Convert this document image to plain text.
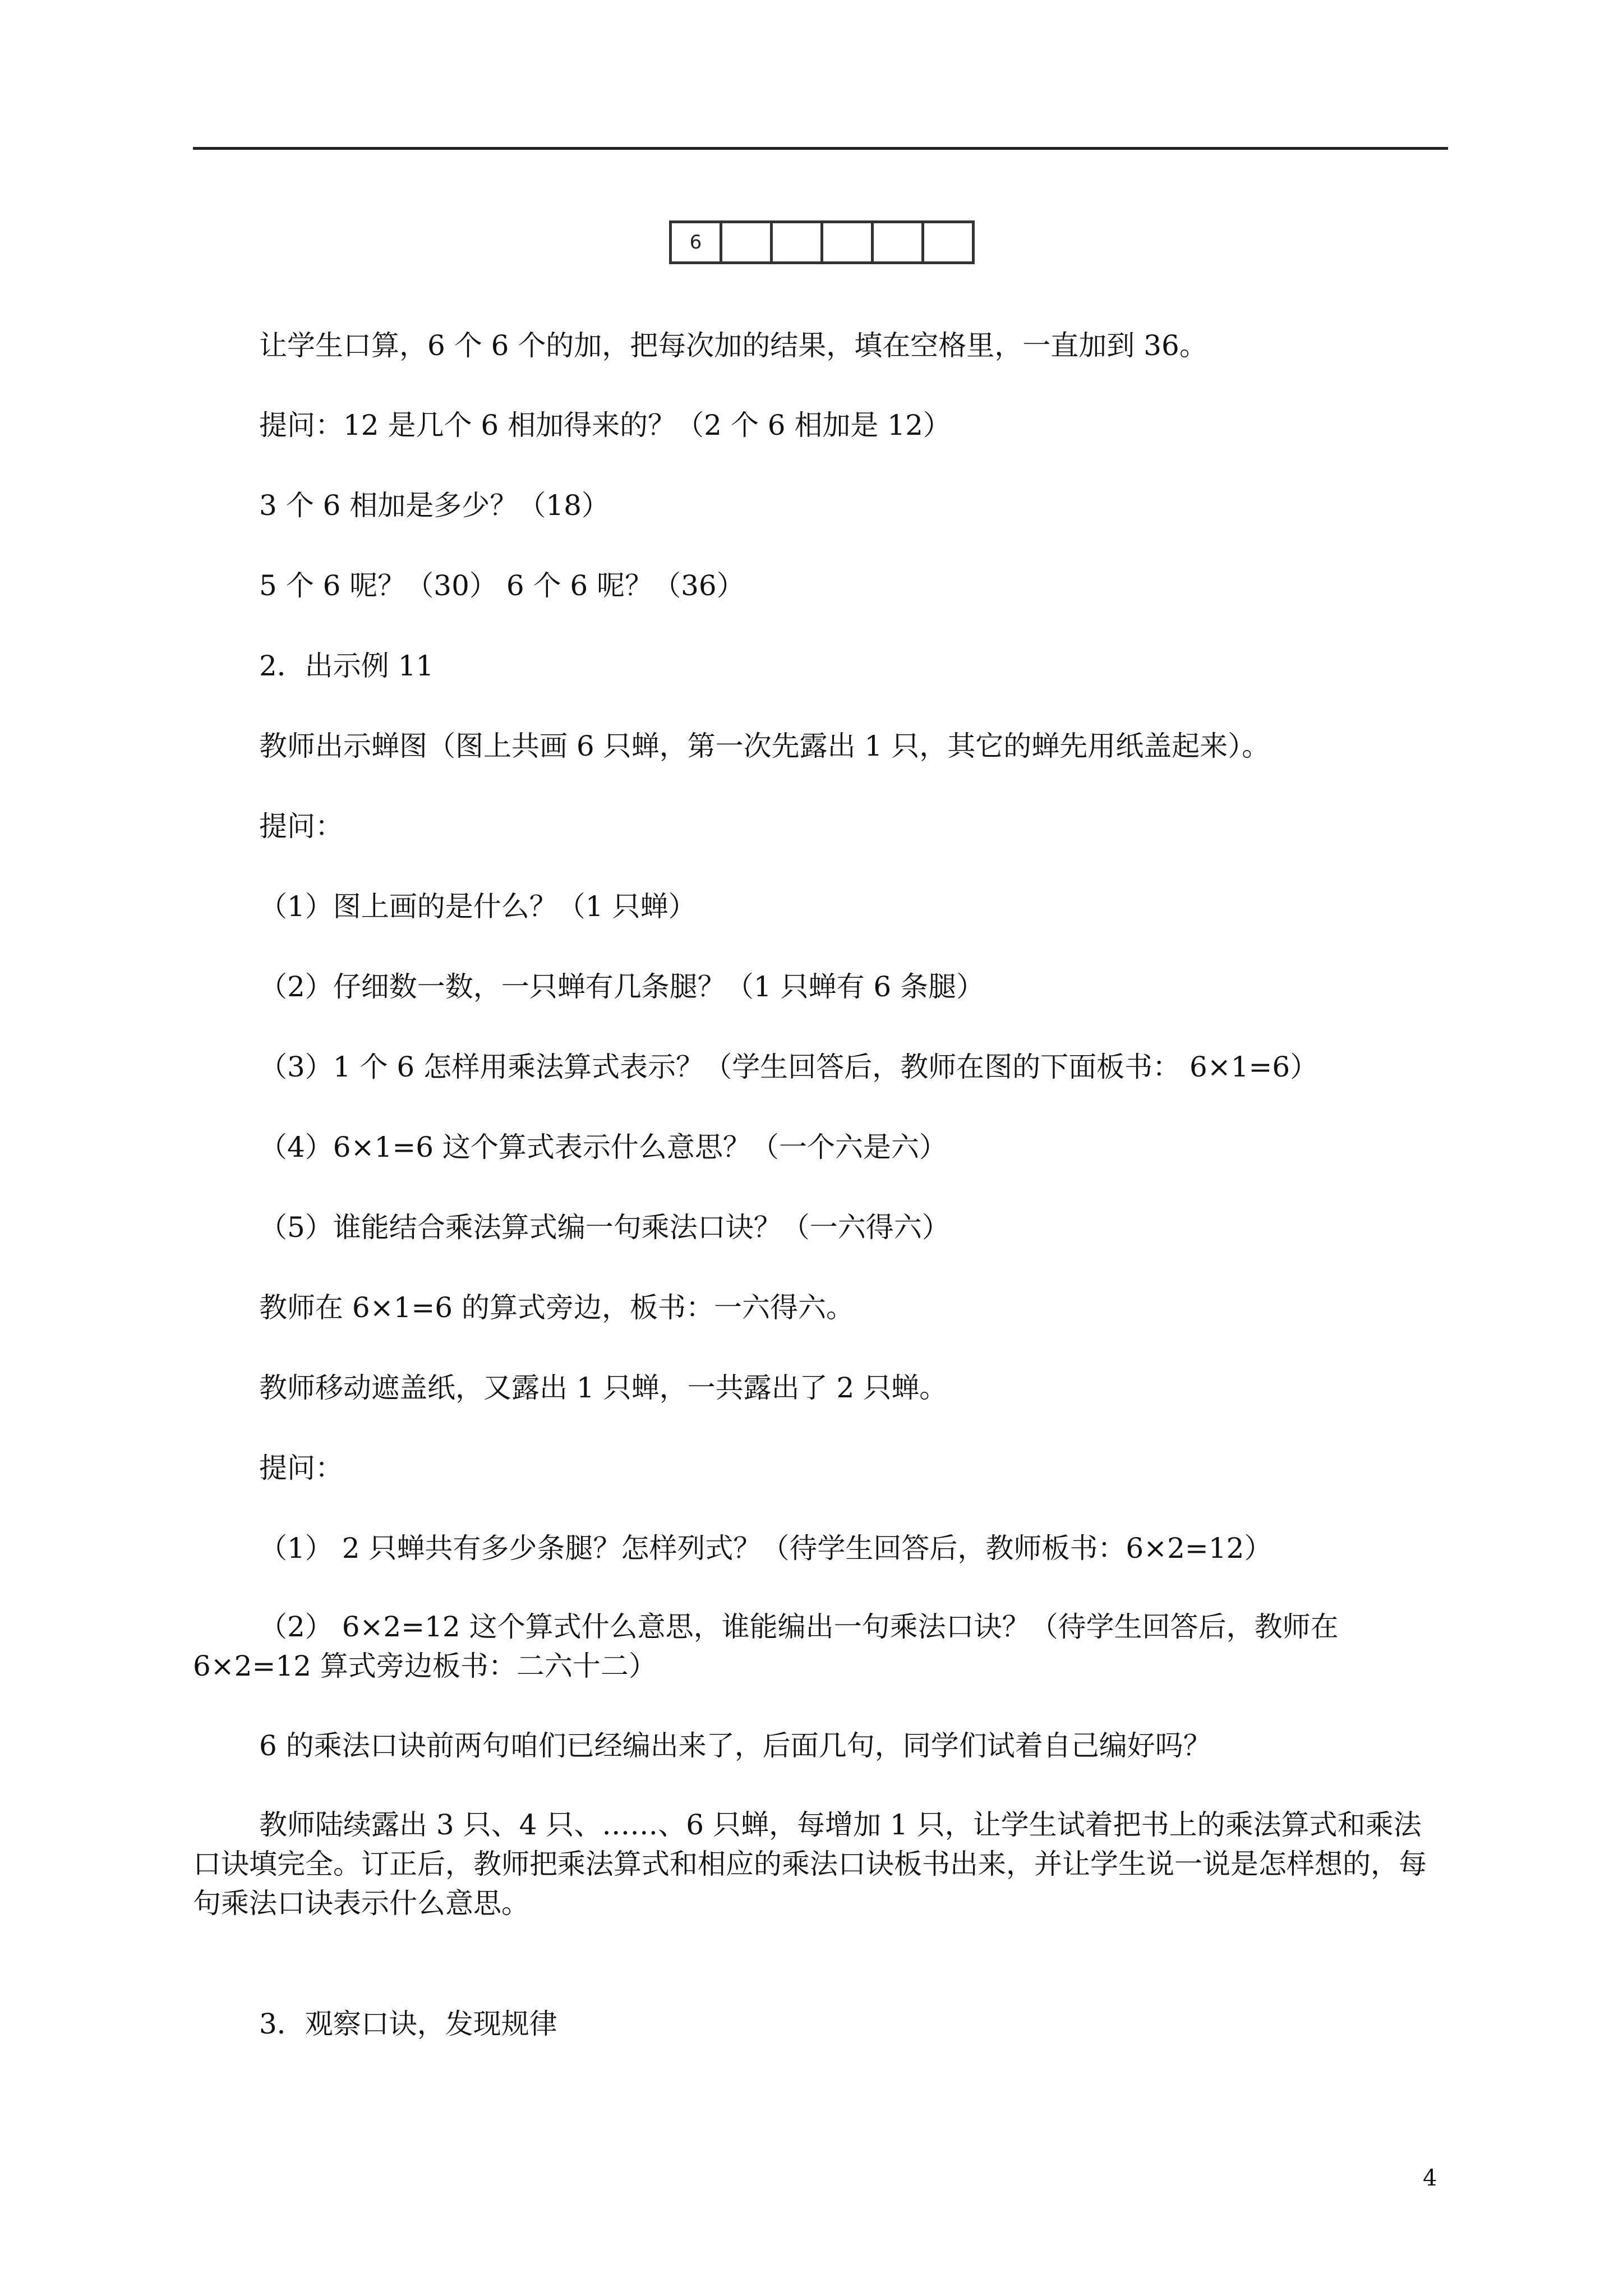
6

让学生口算，6 个 6 个的加，把每次加的结果，填在空格里，一直加到 36。

提问：12 是几个 6 相加得来的？（2 个 6 相加是 12）

3 个 6 相加是多少？（18）

5 个 6 呢？（30） 6 个 6 呢？（36）

2．出示例 11

教师出示蝉图（图上共画 6 只蝉，第一次先露出 1 只，其它的蝉先用纸盖起来）。

提问：

（1）图上画的是什么？（1 只蝉）

（2）仔细数一数，一只蝉有几条腿？（1 只蝉有 6 条腿）

（3）1 个 6 怎样用乘法算式表示？（学生回答后，教师在图的下面板书： 6×1=6）

（4）6×1=6 这个算式表示什么意思？（一个六是六）

（5）谁能结合乘法算式编一句乘法口诀？（一六得六）

教师在 6×1=6 的算式旁边，板书：一六得六。

教师移动遮盖纸，又露出 1 只蝉，一共露出了 2 只蝉。

提问：

（1） 2 只蝉共有多少条腿？怎样列式？（待学生回答后，教师板书：6×2=12）

（2） 6×2=12 这个算式什么意思，谁能编出一句乘法口诀？（待学生回答后，教师在 6×2=12 算式旁边板书：二六十二）

6 的乘法口诀前两句咱们已经编出来了，后面几句，同学们试着自己编好吗？

教师陆续露出 3 只、4 只、……、6 只蝉，每增加 1 只，让学生试着把书上的乘法算式和乘法口诀填完全。订正后，教师把乘法算式和相应的乘法口诀板书出来，并让学生说一说是怎样想的，每句乘法口诀表示什么意思。

3．观察口诀，发现规律

4
